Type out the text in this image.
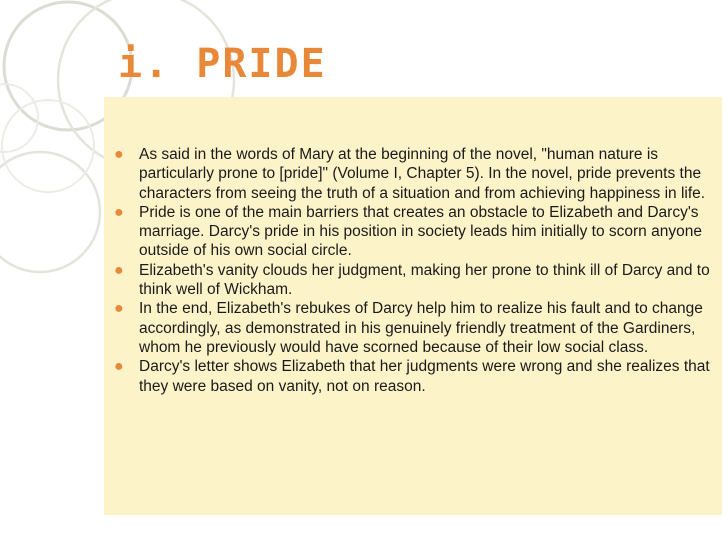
i. PRIDE
● As said in the words of Mary at the beginning of the novel, "human nature is particularly prone to [pride]" (Volume I, Chapter 5). In the novel, pride prevents the characters from seeing the truth of a situation and from achieving happiness in life.
● Pride is one of the main barriers that creates an obstacle to Elizabeth and Darcy's marriage. Darcy's pride in his position in society leads him initially to scorn anyone outside of his own social circle.
● Elizabeth's vanity clouds her judgment, making her prone to think ill of Darcy and to think well of Wickham.
● In the end, Elizabeth's rebukes of Darcy help him to realize his fault and to change accordingly, as demonstrated in his genuinely friendly treatment of the Gardiners, whom he previously would have scorned because of their low social class.
● Darcy's letter shows Elizabeth that her judgments were wrong and she realizes that they were based on vanity, not on reason.
